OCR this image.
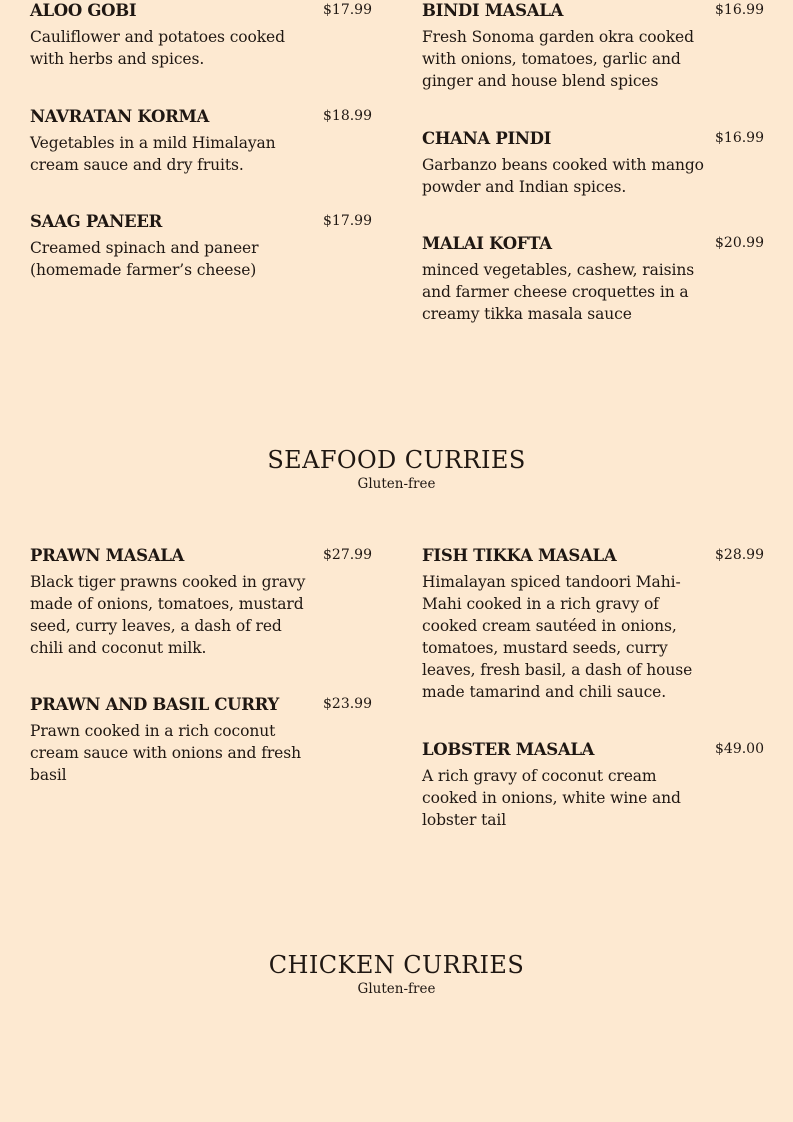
ALOO GOBI	$17.99
Cauliflower and potatoes cooked with herbs and spices.
BINDI MASALA	$16.99
Fresh Sonoma garden okra cooked with onions, tomatoes, garlic and ginger and house blend spices
NAVRATAN KORMA	$18.99
Vegetables in a mild Himalayan cream sauce and dry fruits.
CHANA PINDI	$16.99
Garbanzo beans cooked with mango powder and Indian spices.
SAAG PANEER	$17.99
Creamed spinach and paneer (homemade farmer’s cheese)
MALAI KOFTA	$20.99
minced vegetables, cashew, raisins and farmer cheese croquettes in a creamy tikka masala sauce
SEAFOOD CURRIES
Gluten-free
PRAWN MASALA	$27.99
Black tiger prawns cooked in gravy made of onions, tomatoes, mustard seed, curry leaves, a dash of red chili and coconut milk.
FISH TIKKA MASALA	$28.99
Himalayan spiced tandoori Mahi-Mahi cooked in a rich gravy of cooked cream sautéed in onions, tomatoes, mustard seeds, curry leaves, fresh basil, a dash of house made tamarind and chili sauce.
PRAWN AND BASIL CURRY	$23.99
Prawn cooked in a rich coconut cream sauce with onions and fresh basil
LOBSTER MASALA	$49.00
A rich gravy of coconut cream cooked in onions, white wine and lobster tail
CHICKEN CURRIES
Gluten-free
